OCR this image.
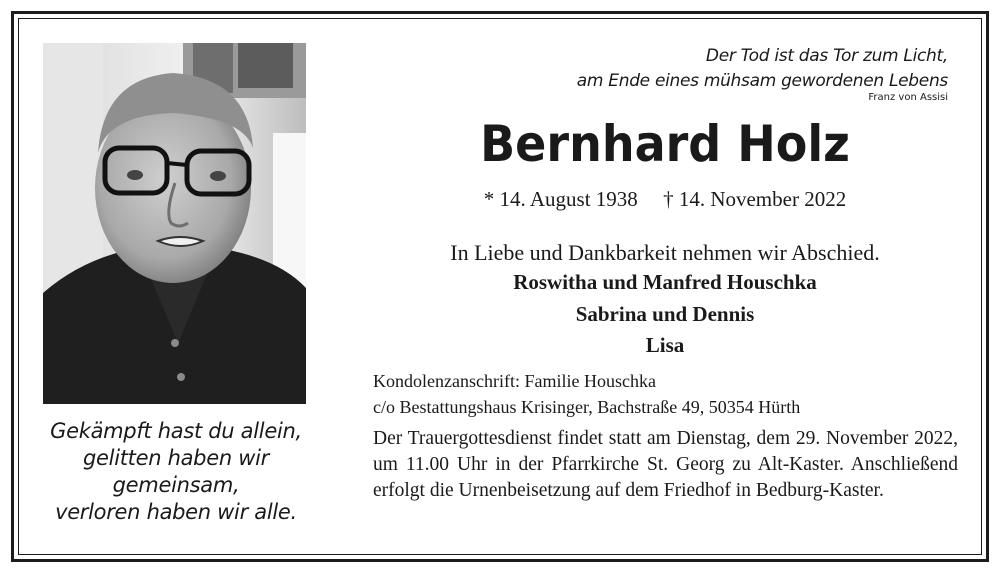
Gekämpft hast du allein,
gelitten haben wir
gemeinsam,
verloren haben wir alle.
Der Tod ist das Tor zum Licht,
am Ende eines mühsam gewordenen Lebens
Franz von Assisi
Bernhard Holz
* 14. August 1938 † 14. November 2022
In Liebe und Dankbarkeit nehmen wir Abschied.
Roswitha und Manfred Houschka
Sabrina und Dennis
Lisa
Kondolenzanschrift: Familie Houschka
c/o Bestattungshaus Krisinger, Bachstraße 49, 50354 Hürth
Der Trauergottesdienst findet statt am Dienstag, dem 29. November 2022, um 11.00 Uhr in der Pfarrkirche St. Georg zu Alt-Kaster. Anschließend erfolgt die Urnenbeisetzung auf dem Friedhof in Bedburg-Kaster.
